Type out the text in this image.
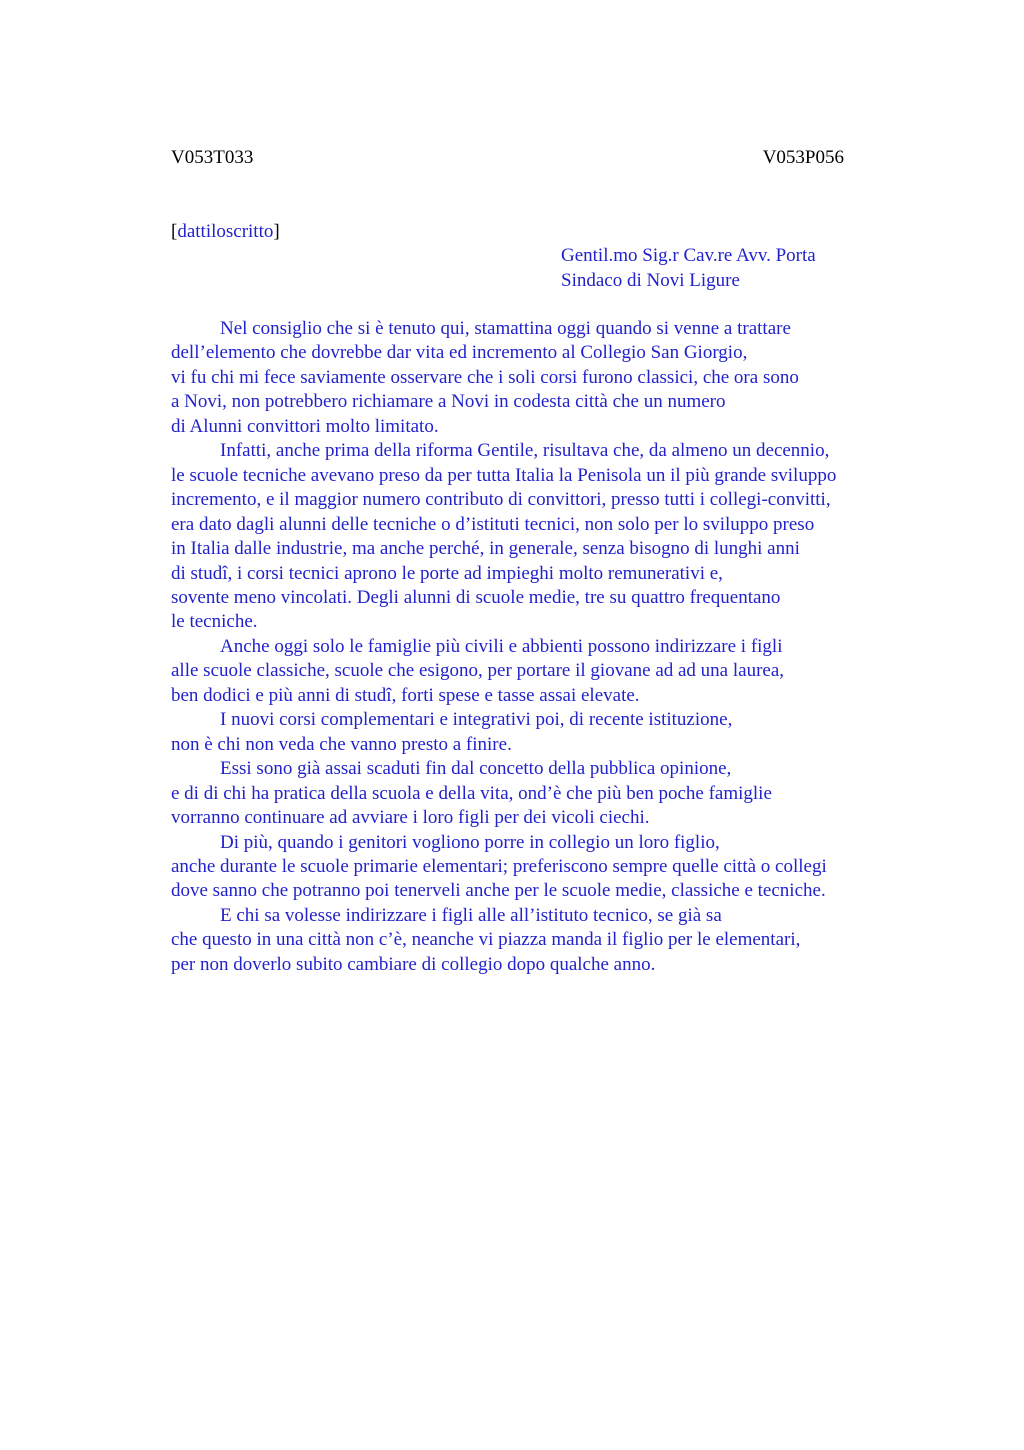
V053T033	V053P056
[dattiloscritto]
Gentil.mo Sig.r Cav.re Avv. Porta
Sindaco di Novi Ligure
Nel consiglio che si è tenuto qui, stamattina oggi quando si venne a trattare
dell’elemento che dovrebbe dar vita ed incremento al Collegio San Giorgio,
vi fu chi mi fece saviamente osservare che i soli corsi furono classici, che ora sono
a Novi, non potrebbero richiamare a Novi in codesta città che un numero
di Alunni convittori molto limitato.
Infatti, anche prima della riforma Gentile, risultava che, da almeno un decennio,
le scuole tecniche avevano preso da per tutta Italia la Penisola un il più grande sviluppo
incremento, e il maggior numero contributo di convittori, presso tutti i collegi-convitti,
era dato dagli alunni delle tecniche o d’istituti tecnici, non solo per lo sviluppo preso
in Italia dalle industrie, ma anche perché, in generale, senza bisogno di lunghi anni
di studî, i corsi tecnici aprono le porte ad impieghi molto remunerativi e,
sovente meno vincolati. Degli alunni di scuole medie, tre su quattro frequentano
le tecniche.
Anche oggi solo le famiglie più civili e abbienti possono indirizzare i figli
alle scuole classiche, scuole che esigono, per portare il giovane ad ad una laurea,
ben dodici e più anni di studî, forti spese e tasse assai elevate.
I nuovi corsi complementari e integrativi poi, di recente istituzione,
non è chi non veda che vanno presto a finire.
Essi sono già assai scaduti fin dal concetto della pubblica opinione,
e di di chi ha pratica della scuola e della vita, ond’è che più ben poche famiglie
vorranno continuare ad avviare i loro figli per dei vicoli ciechi.
Di più, quando i genitori vogliono porre in collegio un loro figlio,
anche durante le scuole primarie elementari; preferiscono sempre quelle città o collegi
dove sanno che potranno poi tenerveli anche per le scuole medie, classiche e tecniche.
E chi sa volesse indirizzare i figli alle all’istituto tecnico, se già sa
che questo in una città non c’è, neanche vi piazza manda il figlio per le elementari,
per non doverlo subito cambiare di collegio dopo qualche anno.
